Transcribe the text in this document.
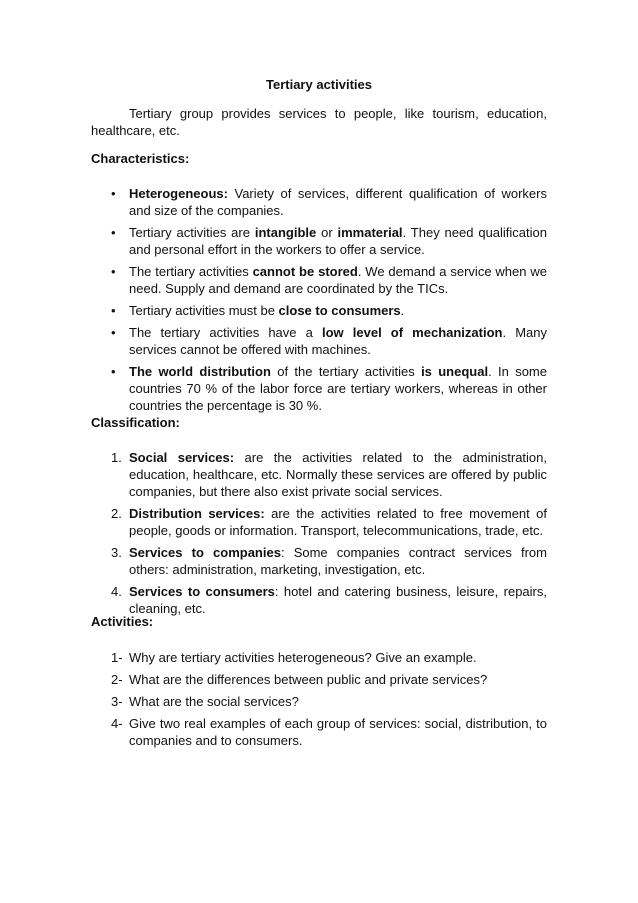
Tertiary activities
Tertiary group provides services to people, like tourism, education, healthcare, etc.
Characteristics:
•	Heterogeneous: Variety of services, different qualification of workers and size of the companies.
•	Tertiary activities are intangible or immaterial. They need qualification and personal effort in the workers to offer a service.
•	The tertiary activities cannot be stored. We demand a service when we need. Supply and demand are coordinated by the TICs.
•	Tertiary activities must be close to consumers.
•	The tertiary activities have a low level of mechanization. Many services cannot be offered with machines.
•	The world distribution of the tertiary activities is unequal. In some countries 70 % of the labor force are tertiary workers, whereas in other countries the percentage is 30 %.
Classification:
1. Social services: are the activities related to the administration, education, healthcare, etc. Normally these services are offered by public companies, but there also exist private social services.
2. Distribution services: are the activities related to free movement of people, goods or information. Transport, telecommunications, trade, etc.
3. Services to companies: Some companies contract services from others: administration, marketing, investigation, etc.
4. Services to consumers: hotel and catering business, leisure, repairs, cleaning, etc.
Activities:
1- Why are tertiary activities heterogeneous? Give an example.
2- What are the differences between public and private services?
3- What are the social services?
4- Give two real examples of each group of services: social, distribution, to companies and to consumers.
